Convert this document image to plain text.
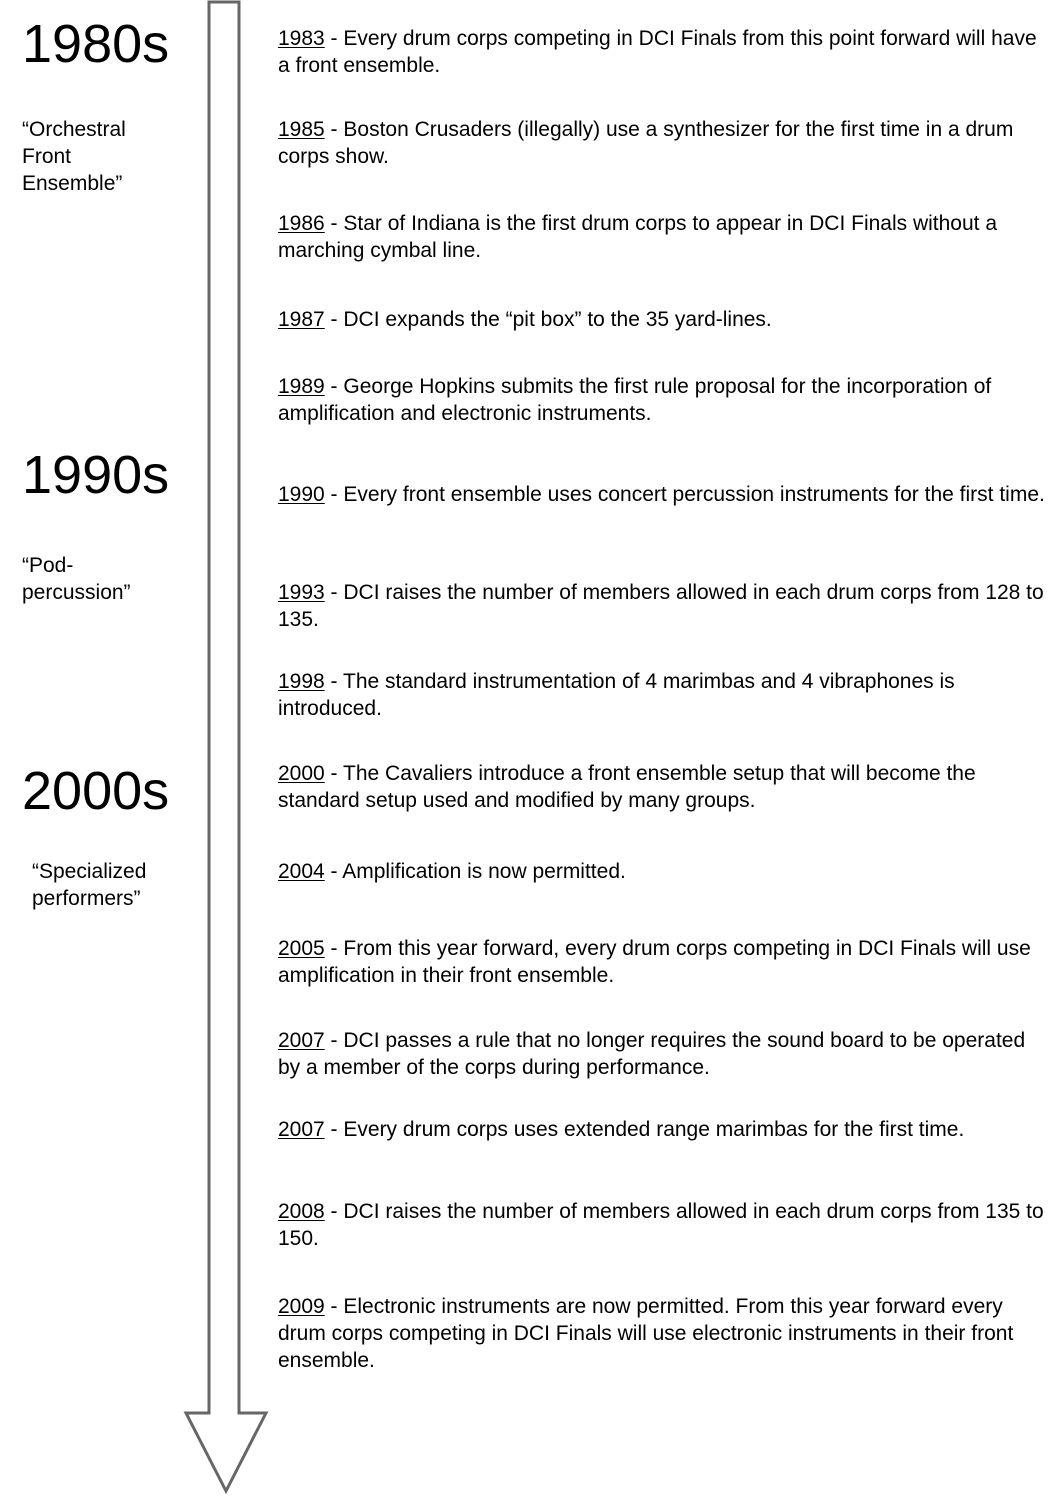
1980s
“Orchestral Front Ensemble”
1990s
“Pod-percussion”
2000s
“Specialized performers”

1983 - Every drum corps competing in DCI Finals from this point forward will have a front ensemble.

1985 - Boston Crusaders (illegally) use a synthesizer for the first time in a drum corps show.

1986 - Star of Indiana is the first drum corps to appear in DCI Finals without a marching cymbal line.

1987 - DCI expands the “pit box” to the 35 yard-lines.

1989 - George Hopkins submits the first rule proposal for the incorporation of amplification and electronic instruments.

1990 - Every front ensemble uses concert percussion instruments for the first time.

1993 - DCI raises the number of members allowed in each drum corps from 128 to 135.

1998 - The standard instrumentation of 4 marimbas and 4 vibraphones is introduced.

2000 - The Cavaliers introduce a front ensemble setup that will become the standard setup used and modified by many groups.

2004 - Amplification is now permitted.

2005 - From this year forward, every drum corps competing in DCI Finals will use amplification in their front ensemble.

2007 - DCI passes a rule that no longer requires the sound board to be operated by a member of the corps during performance.

2007 - Every drum corps uses extended range marimbas for the first time.

2008 - DCI raises the number of members allowed in each drum corps from 135 to 150.

2009 - Electronic instruments are now permitted. From this year forward every drum corps competing in DCI Finals will use electronic instruments in their front ensemble.
